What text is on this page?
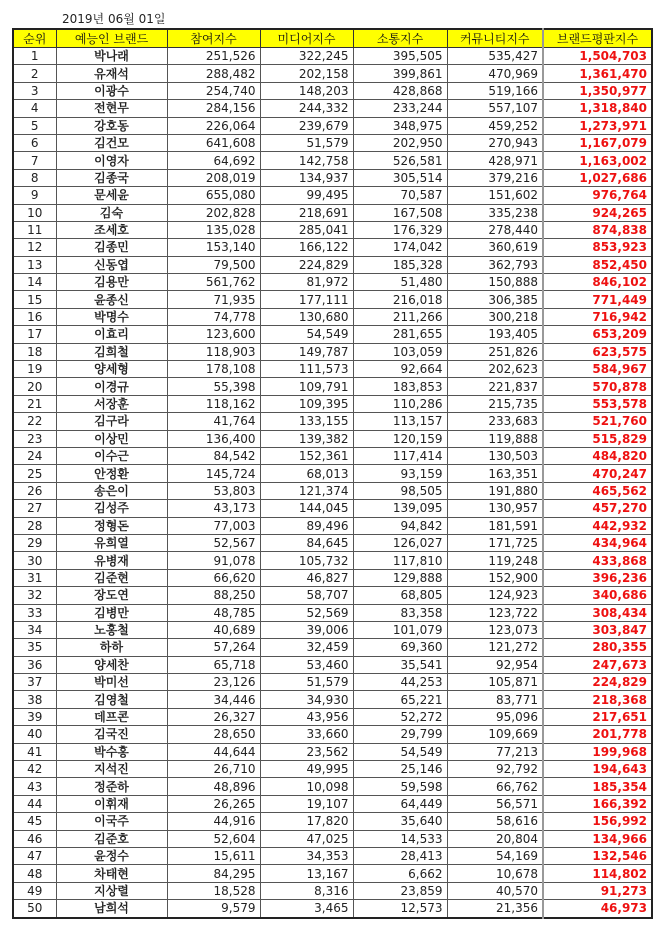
2019년 06월 01일
순위	예능인 브랜드	참여지수	미디어지수	소통지수	커뮤니티지수	브랜드평판지수
1	박나래	251,526	322,245	395,505	535,427	1,504,703
2	유재석	288,482	202,158	399,861	470,969	1,361,470
3	이광수	254,740	148,203	428,868	519,166	1,350,977
4	전현무	284,156	244,332	233,244	557,107	1,318,840
5	강호동	226,064	239,679	348,975	459,252	1,273,971
6	김건모	641,608	51,579	202,950	270,943	1,167,079
7	이영자	64,692	142,758	526,581	428,971	1,163,002
8	김종국	208,019	134,937	305,514	379,216	1,027,686
9	문세윤	655,080	99,495	70,587	151,602	976,764
10	김숙	202,828	218,691	167,508	335,238	924,265
11	조세호	135,028	285,041	176,329	278,440	874,838
12	김종민	153,140	166,122	174,042	360,619	853,923
13	신동엽	79,500	224,829	185,328	362,793	852,450
14	김용만	561,762	81,972	51,480	150,888	846,102
15	윤종신	71,935	177,111	216,018	306,385	771,449
16	박명수	74,778	130,680	211,266	300,218	716,942
17	이효리	123,600	54,549	281,655	193,405	653,209
18	김희철	118,903	149,787	103,059	251,826	623,575
19	양세형	178,108	111,573	92,664	202,623	584,967
20	이경규	55,398	109,791	183,853	221,837	570,878
21	서장훈	118,162	109,395	110,286	215,735	553,578
22	김구라	41,764	133,155	113,157	233,683	521,760
23	이상민	136,400	139,382	120,159	119,888	515,829
24	이수근	84,542	152,361	117,414	130,503	484,820
25	안정환	145,724	68,013	93,159	163,351	470,247
26	송은이	53,803	121,374	98,505	191,880	465,562
27	김성주	43,173	144,045	139,095	130,957	457,270
28	정형돈	77,003	89,496	94,842	181,591	442,932
29	유희열	52,567	84,645	126,027	171,725	434,964
30	유병재	91,078	105,732	117,810	119,248	433,868
31	김준현	66,620	46,827	129,888	152,900	396,236
32	장도연	88,250	58,707	68,805	124,923	340,686
33	김병만	48,785	52,569	83,358	123,722	308,434
34	노홍철	40,689	39,006	101,079	123,073	303,847
35	하하	57,264	32,459	69,360	121,272	280,355
36	양세찬	65,718	53,460	35,541	92,954	247,673
37	박미선	23,126	51,579	44,253	105,871	224,829
38	김영철	34,446	34,930	65,221	83,771	218,368
39	데프콘	26,327	43,956	52,272	95,096	217,651
40	김국진	28,650	33,660	29,799	109,669	201,778
41	박수홍	44,644	23,562	54,549	77,213	199,968
42	지석진	26,710	49,995	25,146	92,792	194,643
43	정준하	48,896	10,098	59,598	66,762	185,354
44	이휘재	26,265	19,107	64,449	56,571	166,392
45	이국주	44,916	17,820	35,640	58,616	156,992
46	김준호	52,604	47,025	14,533	20,804	134,966
47	윤정수	15,611	34,353	28,413	54,169	132,546
48	차태현	84,295	13,167	6,662	10,678	114,802
49	지상렬	18,528	8,316	23,859	40,570	91,273
50	남희석	9,579	3,465	12,573	21,356	46,973
